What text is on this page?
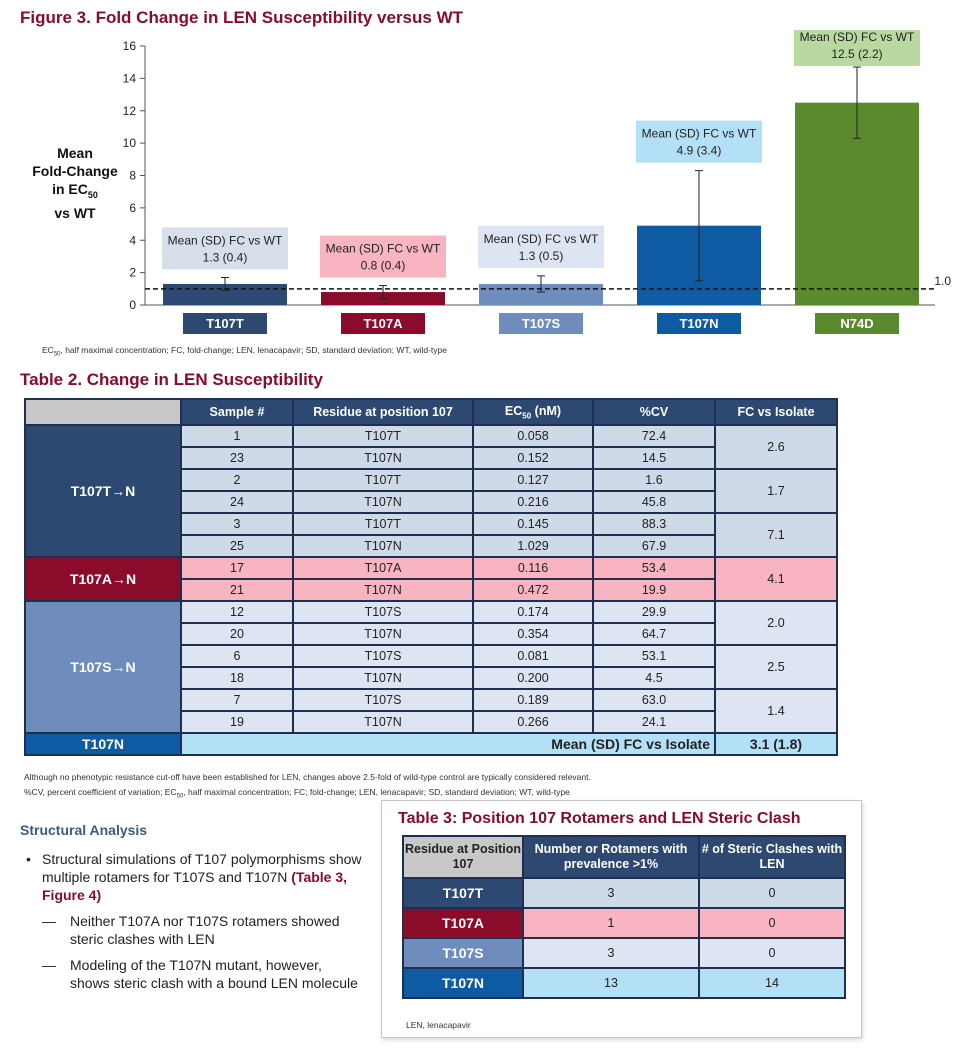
Figure 3. Fold Change in LEN Susceptibility versus WT
Mean
Fold-Change
in $EC_{50}$
vs WT
0
2
4
6
8
10
12
14
16
T107T
Mean (SD) FC vs WT
1.3 (0.4)
T107A
Mean (SD) FC vs WT
0.8 (0.4)
T107S
Mean (SD) FC vs WT
1.3 (0.5)
T107N
Mean (SD) FC vs WT
4.9 (3.4)
N74D
Mean (SD) FC vs WT
12.5 (2.2)
1.0
$EC_{50}$, half maximal concentration; FC, fold-change; LEN, lenacapavir; SD, standard deviation; WT, wild-type
Table 2. Change in LEN Susceptibility
	Sample #	Residue at position 107	$EC_{50}$ (nM)	%CV	FC vs Isolate
T107T→N	1	T107T	0.058	72.4	2.6
	23	T107N	0.152	14.5	
	2	T107T	0.127	1.6	1.7
	24	T107N	0.216	45.8	
	3	T107T	0.145	88.3	7.1
	25	T107N	1.029	67.9	
T107A→N	17	T107A	0.116	53.4	4.1
	21	T107N	0.472	19.9	
T107S→N	12	T107S	0.174	29.9	2.0
	20	T107N	0.354	64.7	
	6	T107S	0.081	53.1	2.5
	18	T107N	0.200	4.5	
	7	T107S	0.189	63.0	1.4
	19	T107N	0.266	24.1	
T107N	Mean (SD) FC vs Isolate				3.1 (1.8)
Although no phenotypic resistance cut-off have been established for LEN, changes above 2.5-fold of wild-type control are typically considered relevant.
%CV, percent coefficient of variation; $EC_{50}$, half maximal concentration; FC; fold-change; LEN, lenacapavir; SD, standard deviation; WT, wild-type
Structural Analysis
• Structural simulations of T107 polymorphisms show multiple rotamers for T107S and T107N (Table 3, Figure 4)
— Neither T107A nor T107S rotamers showed steric clashes with LEN
— Modeling of the T107N mutant, however, shows steric clash with a bound LEN molecule
Table 3: Position 107 Rotamers and LEN Steric Clash
Residue at Position 107	Number or Rotamers with prevalence >1%	# of Steric Clashes with LEN
T107T	3	0
T107A	1	0
T107S	3	0
T107N	13	14
LEN, lenacapavir
